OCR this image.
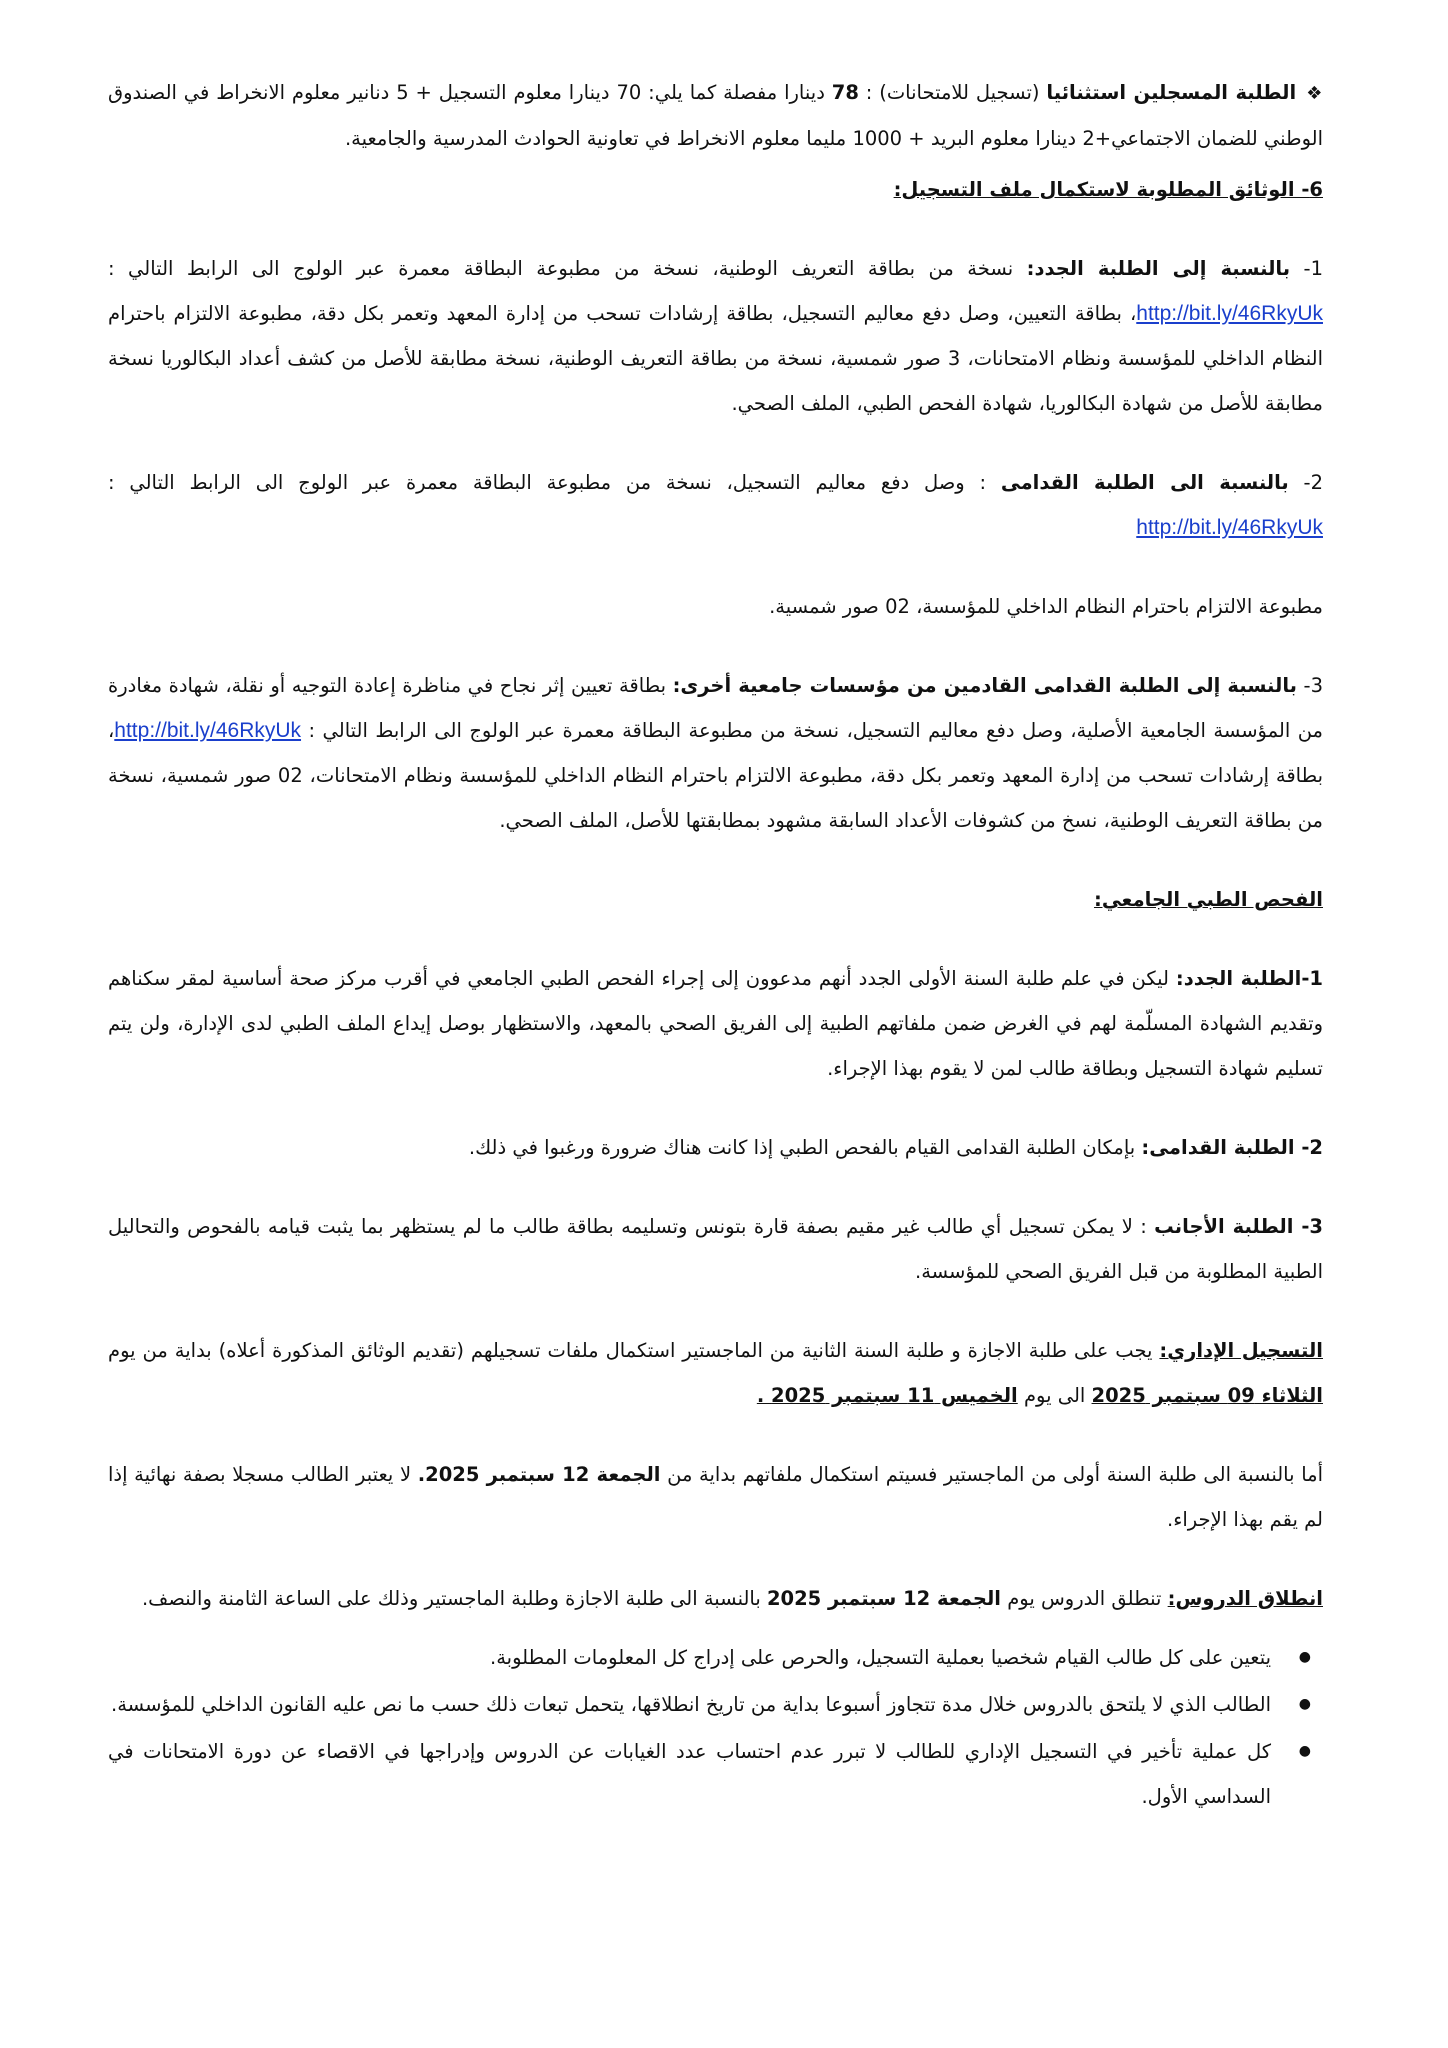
❖الطلبة المسجلين استثنائيا (تسجيل للامتحانات) : 78 دينارا مفصلة كما يلي: 70 دينارا معلوم التسجيل + 5 دنانير معلوم الانخراط في الصندوق الوطني للضمان الاجتماعي+2 دينارا معلوم البريد + 1000 مليما معلوم الانخراط في تعاونية الحوادث المدرسية والجامعية.

6- الوثائق المطلوبة لاستكمال ملف التسجيل:

1- بالنسبة إلى الطلبة الجدد: نسخة من بطاقة التعريف الوطنية، نسخة من مطبوعة البطاقة معمرة عبر الولوج الى الرابط التالي : http://bit.ly/46RkyUk، بطاقة التعيين، وصل دفع معاليم التسجيل، بطاقة إرشادات تسحب من إدارة المعهد وتعمر بكل دقة، مطبوعة الالتزام باحترام النظام الداخلي للمؤسسة ونظام الامتحانات، 3 صور شمسية، نسخة من بطاقة التعريف الوطنية، نسخة مطابقة للأصل من كشف أعداد البكالوريا نسخة مطابقة للأصل من شهادة البكالوريا، شهادة الفحص الطبي، الملف الصحي.

2- بالنسبة الى الطلبة القدامى : وصل دفع معاليم التسجيل، نسخة من مطبوعة البطاقة معمرة عبر الولوج الى الرابط التالي : http://bit.ly/46RkyUk

مطبوعة الالتزام باحترام النظام الداخلي للمؤسسة، 02 صور شمسية.

3- بالنسبة إلى الطلبة القدامى القادمين من مؤسسات جامعية أخرى: بطاقة تعيين إثر نجاح في مناظرة إعادة التوجيه أو نقلة، شهادة مغادرة من المؤسسة الجامعية الأصلية، وصل دفع معاليم التسجيل، نسخة من مطبوعة البطاقة معمرة عبر الولوج الى الرابط التالي : http://bit.ly/46RkyUk، بطاقة إرشادات تسحب من إدارة المعهد وتعمر بكل دقة، مطبوعة الالتزام باحترام النظام الداخلي للمؤسسة ونظام الامتحانات، 02 صور شمسية، نسخة من بطاقة التعريف الوطنية، نسخ من كشوفات الأعداد السابقة مشهود بمطابقتها للأصل، الملف الصحي.

الفحص الطبي الجامعي:

1-الطلبة الجدد: ليكن في علم طلبة السنة الأولى الجدد أنهم مدعوون إلى إجراء الفحص الطبي الجامعي في أقرب مركز صحة أساسية لمقر سكناهم وتقديم الشهادة المسلّمة لهم في الغرض ضمن ملفاتهم الطبية إلى الفريق الصحي بالمعهد، والاستظهار بوصل إيداع الملف الطبي لدى الإدارة، ولن يتم تسليم شهادة التسجيل وبطاقة طالب لمن لا يقوم بهذا الإجراء.

2- الطلبة القدامى: بإمكان الطلبة القدامى القيام بالفحص الطبي إذا كانت هناك ضرورة ورغبوا في ذلك.

3- الطلبة الأجانب : لا يمكن تسجيل أي طالب غير مقيم بصفة قارة بتونس وتسليمه بطاقة طالب ما لم يستظهر بما يثبت قيامه بالفحوص والتحاليل الطبية المطلوبة من قبل الفريق الصحي للمؤسسة.

التسجيل الإداري: يجب على طلبة الاجازة و طلبة السنة الثانية من الماجستير استكمال ملفات تسجيلهم (تقديم الوثائق المذكورة أعلاه) بداية من يوم الثلاثاء 09 سبتمبر 2025 الى يوم الخميس 11 سبتمبر 2025 .

أما بالنسبة الى طلبة السنة أولى من الماجستير فسيتم استكمال ملفاتهم بداية من الجمعة 12 سبتمبر 2025. لا يعتبر الطالب مسجلا بصفة نهائية إذا لم يقم بهذا الإجراء.

انطلاق الدروس: تنطلق الدروس يوم الجمعة 12 سبتمبر 2025 بالنسبة الى طلبة الاجازة وطلبة الماجستير وذلك على الساعة الثامنة والنصف.

●
يتعين على كل طالب القيام شخصيا بعملية التسجيل، والحرص على إدراج كل المعلومات المطلوبة.
●
الطالب الذي لا يلتحق بالدروس خلال مدة تتجاوز أسبوعا بداية من تاريخ انطلاقها، يتحمل تبعات ذلك حسب ما نص عليه القانون الداخلي للمؤسسة.
●
كل عملية تأخير في التسجيل الإداري للطالب لا تبرر عدم احتساب عدد الغيابات عن الدروس وإدراجها في الاقصاء عن دورة الامتحانات في السداسي الأول.
